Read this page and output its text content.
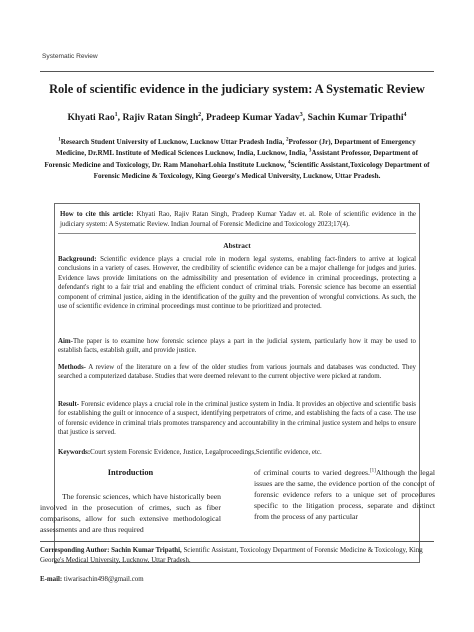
Systematic Review
Role of scientific evidence in the judiciary system: A Systematic Review
Khyati Rao$^1$, Rajiv Ratan Singh$^2$, Pradeep Kumar Yadav$^3$, Sachin Kumar Tripathi$^4$
$^1$Research Student University of Lucknow, Lucknow Uttar Pradesh India, $^2$Professor (Jr), Department of Emergency Medicine, Dr.RML Institute of Medical Sciences Lucknow, India, Lucknow, India, $^3$Assistant Professor, Department of Forensic Medicine and Toxicology, Dr. Ram ManoharLohia Institute Lucknow, $^4$Scientific Assistant,Toxicology Department of Forensic Medicine & Toxicology, King George's Medical University, Lucknow, Uttar Pradesh.
How to cite this article: Khyati Rao, Rajiv Ratan Singh, Pradeep Kumar Yadav et. al. Role of scientific evidence in the judiciary system: A Systematic Review. Indian Journal of Forensic Medicine and Toxicology 2023;17(4).
Abstract

Background: Scientific evidence plays a crucial role in modern legal systems, enabling fact-finders to arrive at logical conclusions in a variety of cases. However, the credibility of scientific evidence can be a major challenge for judges and juries. Evidence laws provide limitations on the admissibility and presentation of evidence in criminal proceedings, protecting a defendant's right to a fair trial and enabling the efficient conduct of criminal trials. Forensic science has become an essential component of criminal justice, aiding in the identification of the guilty and the prevention of wrongful convictions. As such, the use of scientific evidence in criminal proceedings must continue to be prioritized and protected.

Aim-The paper is to examine how forensic science plays a part in the judicial system, particularly how it may be used to establish facts, establish guilt, and provide justice.

Methods- A review of the literature on a few of the older studies from various journals and databases was conducted. They searched a computerized database. Studies that were deemed relevant to the current objective were picked at random.

Result- Forensic evidence plays a crucial role in the criminal justice system in India. It provides an objective and scientific basis for establishing the guilt or innocence of a suspect, identifying perpetrators of crime, and establishing the facts of a case. The use of forensic evidence in criminal trials promotes transparency and accountability in the criminal justice system and helps to ensure that justice is served.

Keywords:Court system Forensic Evidence, Justice, Legalproceedings,Scientific evidence, etc.

Introduction

The forensic sciences, which have historically been involved in the prosecution of crimes, such as fiber comparisons, allow for such extensive methodological assessments and are thus required

of criminal courts to varied degrees.[1]Although the legal issues are the same, the evidence portion of the concept of forensic evidence refers to a unique set of procedures specific to the litigation process, separate and distinct from the process of any particular

Corresponding Author: Sachin Kumar Tripathi, Scientific Assistant, Toxicology Department of Forensic Medicine & Toxicology, King George's Medical University, Lucknow, Uttar Pradesh.
E-mail: tiwarisachin498@gmail.com
